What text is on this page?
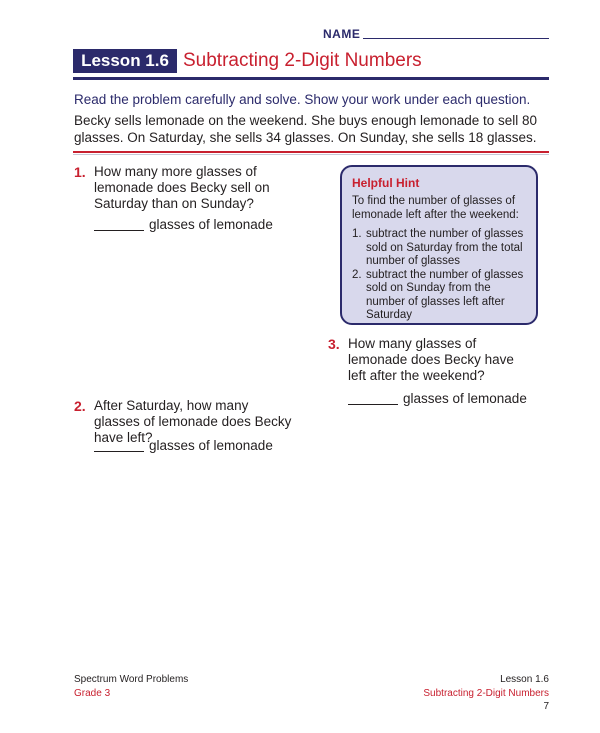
NAME
Lesson 1.6 Subtracting 2-Digit Numbers
Read the problem carefully and solve. Show your work under each question.
Becky sells lemonade on the weekend. She buys enough lemonade to sell 80 glasses. On Saturday, she sells 34 glasses. On Sunday, she sells 18 glasses.
1. How many more glasses of lemonade does Becky sell on Saturday than on Sunday?
glasses of lemonade
2. After Saturday, how many glasses of lemonade does Becky have left?
glasses of lemonade
Helpful Hint
To find the number of glasses of lemonade left after the weekend:
1. subtract the number of glasses sold on Saturday from the total number of glasses
2. subtract the number of glasses sold on Sunday from the number of glasses left after Saturday
3. How many glasses of lemonade does Becky have left after the weekend?
glasses of lemonade
Spectrum Word Problems
Grade 3
Lesson 1.6
Subtracting 2-Digit Numbers
7
